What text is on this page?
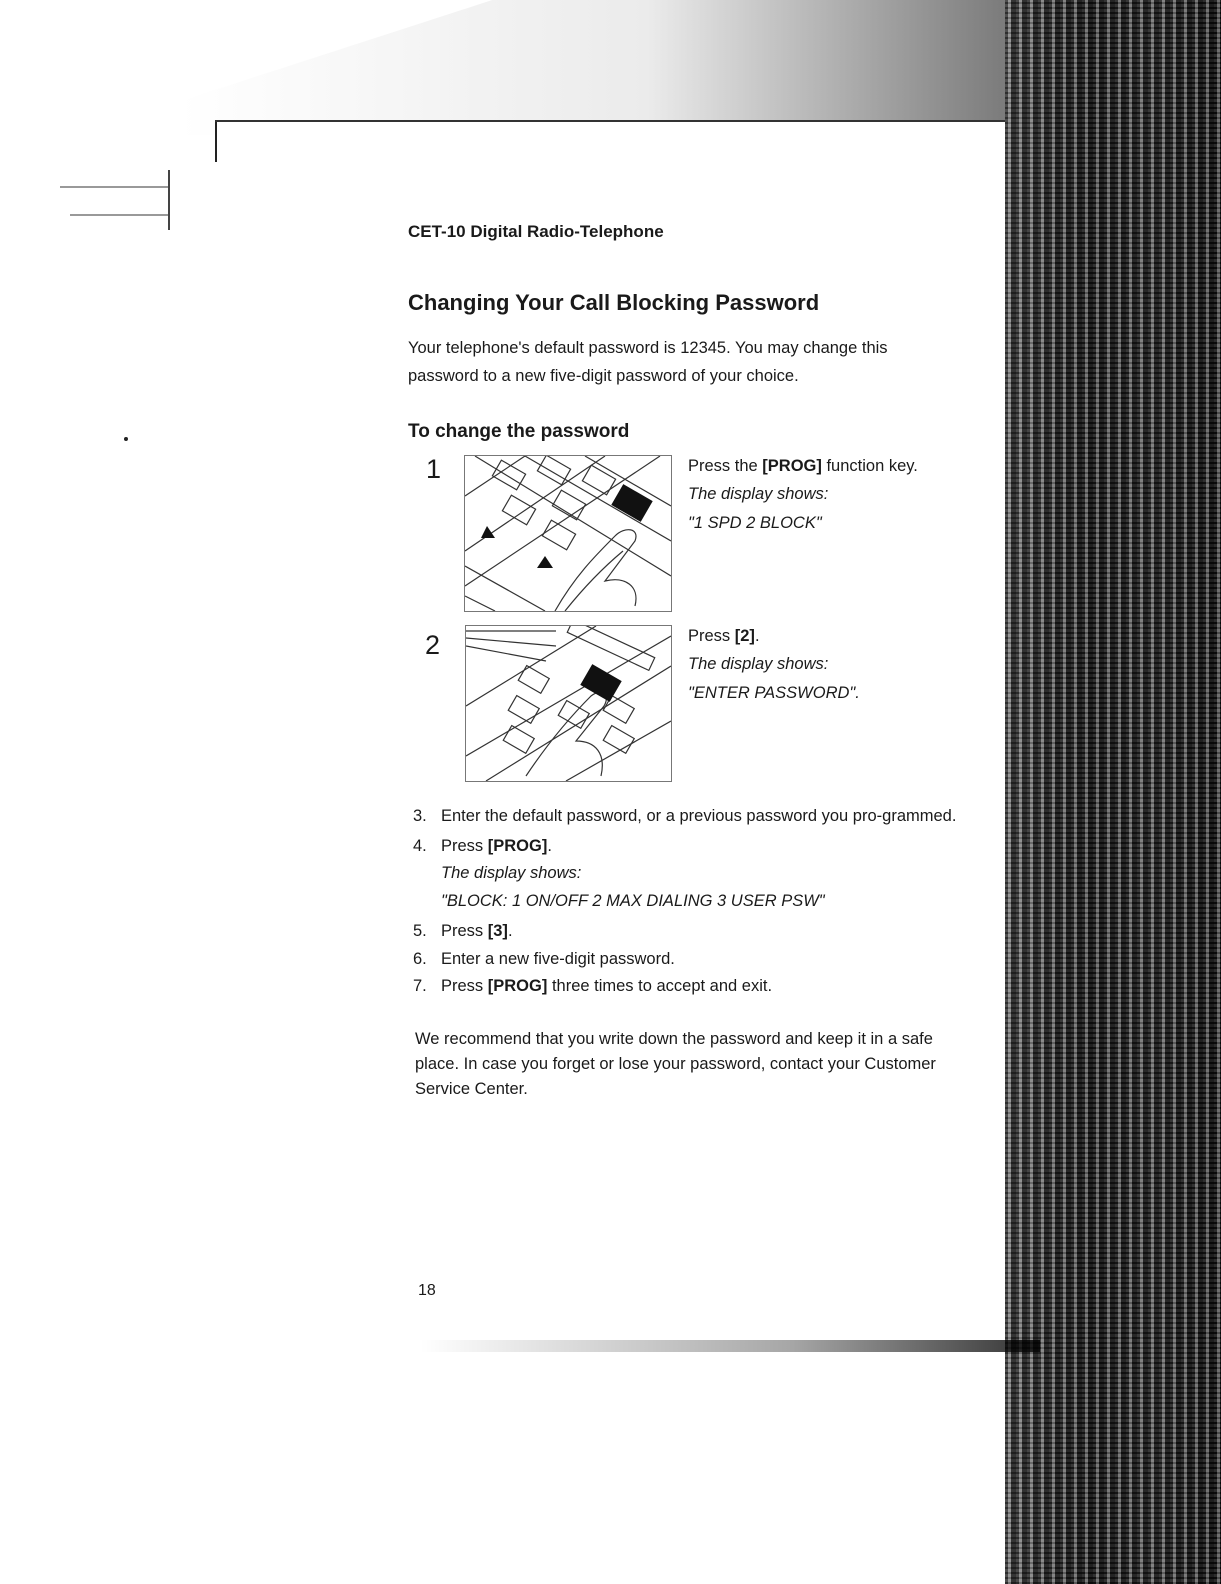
CET-10 Digital Radio-Telephone
Changing Your Call Blocking Password
Your telephone's default password is 12345. You may change this password to a new five-digit password of your choice.
To change the password
1	Press the [PROG] function key.
The display shows:
"1 SPD 2 BLOCK"
2	Press [2].
The display shows:
"ENTER PASSWORD".
3. Enter the default password, or a previous password you pro-grammed.
4. Press [PROG].
The display shows:
"BLOCK: 1 ON/OFF 2 MAX DIALING 3 USER PSW"
5. Press [3].
6. Enter a new five-digit password.
7. Press [PROG] three times to accept and exit.
We recommend that you write down the password and keep it in a safe place. In case you forget or lose your password, contact your Customer Service Center.
18
